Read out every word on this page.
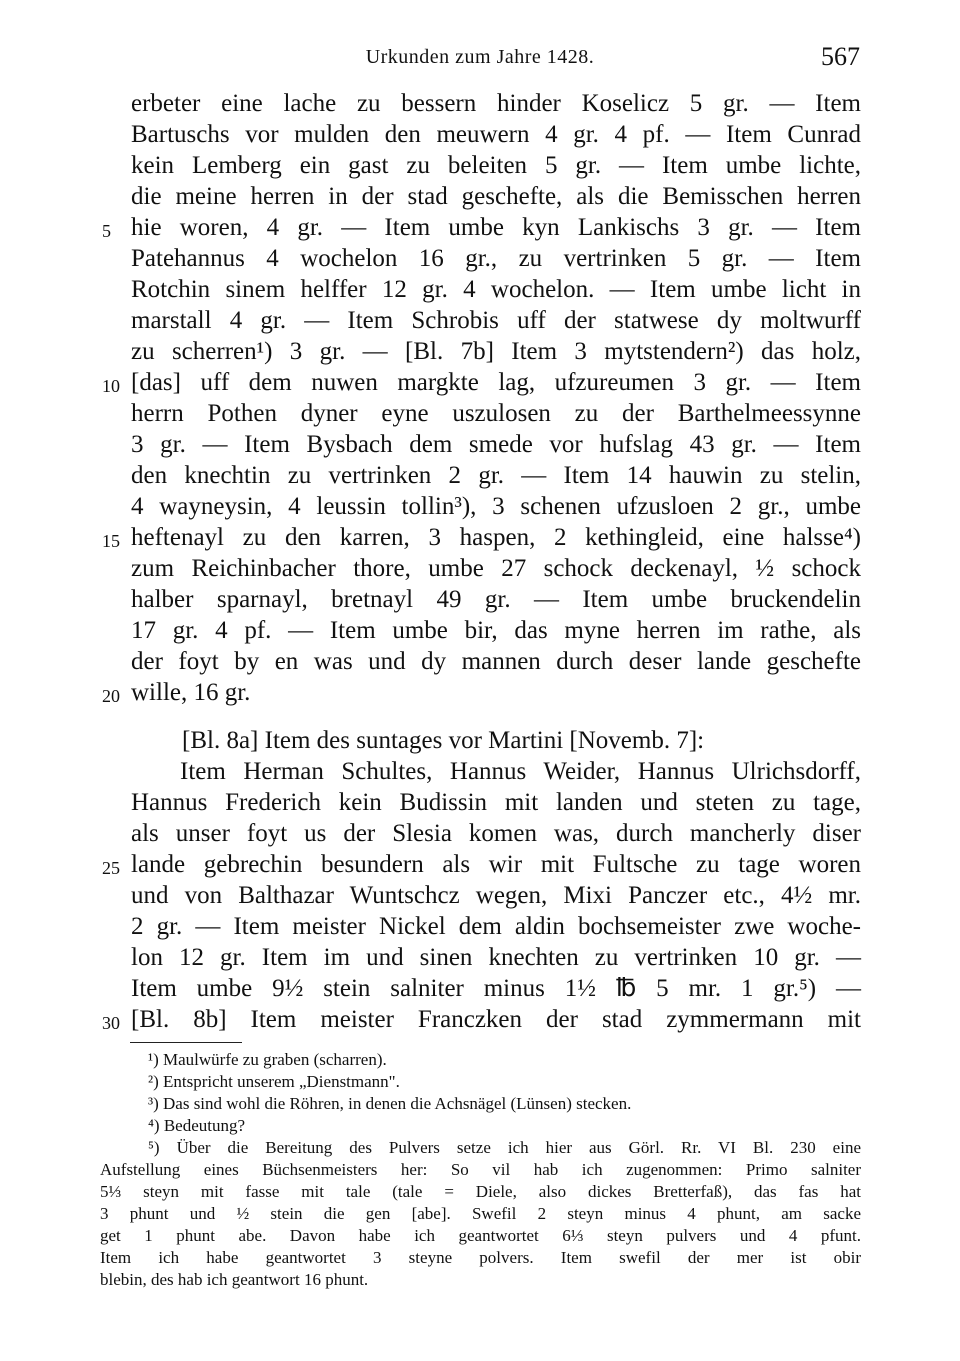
Urkunden zum Jahre 1428.	567
erbeter eine lache zu bessern hinder Koselicz 5 gr. — Item
Bartuschs vor mulden den meuwern 4 gr. 4 pf. — Item Cunrad
kein Lemberg ein gast zu beleiten 5 gr. — Item umbe lichte,
die meine herren in der stad geschefte, als die Bemisschen herren
5 hie woren, 4 gr. — Item umbe kyn Lankischs 3 gr. — Item
Patehannus 4 wochelon 16 gr., zu vertrinken 5 gr. — Item
Rotchin sinem helffer 12 gr. 4 wochelon. — Item umbe licht in
marstall 4 gr. — Item Schrobis uff der statwese dy moltwurff
zu scherren¹) 3 gr. — [Bl. 7b] Item 3 mytstendern²) das holz,
10 [das] uff dem nuwen margkte lag, ufzureumen 3 gr. — Item
herrn Pothen dyner eyne uszulosen zu der Barthelmeessynne
3 gr. — Item Bysbach dem smede vor hufslag 43 gr. — Item
den knechtin zu vertrinken 2 gr. — Item 14 hauwin zu stelin,
4 wayneysin, 4 leussin tollin³), 3 schenen ufzusloen 2 gr., umbe
15 heftenayl zu den karren, 3 haspen, 2 kethingleid, eine halsse⁴)
zum Reichinbacher thore, umbe 27 schock deckenayl, ½ schock
halber sparnayl, bretnayl 49 gr. — Item umbe bruckendelin
17 gr. 4 pf. — Item umbe bir, das myne herren im rathe, als
der foyt by en was und dy mannen durch deser lande geschefte
20 wille, 16 gr.
[Bl. 8a] Item des suntages vor Martini [Novemb. 7]:
Item Herman Schultes, Hannus Weider, Hannus Ulrichsdorff,
Hannus Frederich kein Budissin mit landen und steten zu tage,
als unser foyt us der Slesia komen was, durch mancherly diser
25 lande gebrechin besundern als wir mit Fultsche zu tage woren
und von Balthazar Wuntschcz wegen, Mixi Panczer etc., 4½ mr.
2 gr. — Item meister Nickel dem aldin bochsemeister zwe woche-
lon 12 gr. Item im und sinen knechten zu vertrinken 10 gr. —
Item umbe 9½ stein salniter minus 1½ ℔ 5 mr. 1 gr.⁵) —
30 [Bl. 8b] Item meister Franczken der stad zymmermann mit
¹) Maulwürfe zu graben (scharren).
²) Entspricht unserem „Dienstmann".
³) Das sind wohl die Röhren, in denen die Achsnägel (Lünsen) stecken.
⁴) Bedeutung?
⁵) Über die Bereitung des Pulvers setze ich hier aus Görl. Rr. VI Bl. 230 eine
Aufstellung eines Büchsenmeisters her: So vil hab ich zugenommen: Primo salniter
5⅓ steyn mit fasse mit tale (tale = Diele, also dickes Bretterfaß), das fas hat
3 phunt und ½ stein die gen [abe]. Swefil 2 steyn minus 4 phunt, am sacke
get 1 phunt abe. Davon habe ich geantwortet 6⅓ steyn pulvers und 4 pfunt.
Item ich habe geantwortet 3 steyne polvers. Item swefil der mer ist obir
blebin, des hab ich geantwort 16 phunt.
